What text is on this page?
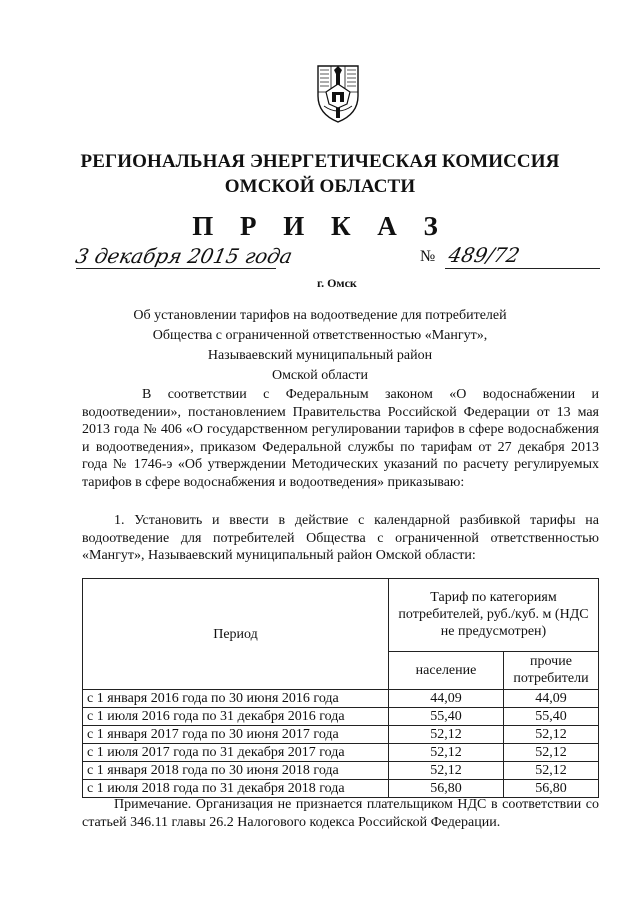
РЕГИОНАЛЬНАЯ ЭНЕРГЕТИЧЕСКАЯ КОМИССИЯ
ОМСКОЙ ОБЛАСТИ
П Р И К А З
3 декабря 2015 года
г. Омск
№ 489/72
Об установлении тарифов на водоотведение для потребителей
Общества с ограниченной ответственностью «Мангут»,
Называевский муниципальный район
Омской области
В соответствии с Федеральным законом «О водоснабжении и водоотведении», постановлением Правительства Российской Федерации от 13 мая 2013 года № 406 «О государственном регулировании тарифов в сфере водоснабжения и водоотведения», приказом Федеральной службы по тарифам от 27 декабря 2013 года № 1746-э «Об утверждении Методических указаний по расчету регулируемых тарифов в сфере водоснабжения и водоотведения» приказываю:
1. Установить и ввести в действие с календарной разбивкой тарифы на водоотведение для потребителей Общества с ограниченной ответственностью «Мангут», Называевский муниципальный район Омской области:
Период	Тариф по категориям потребителей, руб./куб. м (НДС не предусмотрен)	
	население	прочие потребители
с 1 января 2016 года по 30 июня 2016 года	44,09	44,09
с 1 июля 2016 года по 31 декабря 2016 года	55,40	55,40
с 1 января 2017 года по 30 июня 2017 года	52,12	52,12
с 1 июля 2017 года по 31 декабря 2017 года	52,12	52,12
с 1 января 2018 года по 30 июня 2018 года	52,12	52,12
с 1 июля 2018 года по 31 декабря 2018 года	56,80	56,80
Примечание. Организация не признается плательщиком НДС в соответствии со статьей 346.11 главы 26.2 Налогового кодекса Российской Федерации.
